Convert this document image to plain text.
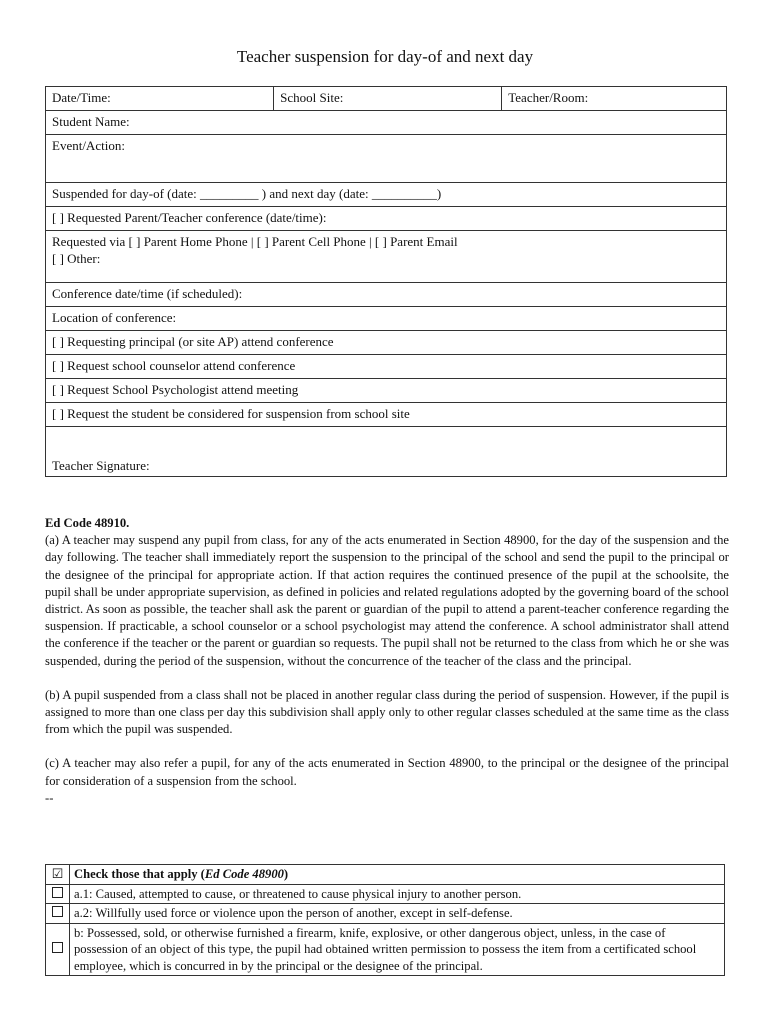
Teacher suspension for day-of and next day
Date/Time:	School Site:	Teacher/Room:
Student Name:
Event/Action:
Suspended for day-of (date: _________ ) and next day (date: __________)
[ ] Requested Parent/Teacher conference (date/time):

Requested via [ ] Parent Home Phone | [ ] Parent Cell Phone | [ ] Parent Email
[ ] Other:

Conference date/time (if scheduled):
Location of conference:
[ ] Requesting principal (or site AP) attend conference
[ ] Request school counselor attend conference
[ ] Request School Psychologist attend meeting
[ ] Request the student be considered for suspension from school site
Teacher Signature:

Ed Code 48910.

(a) A teacher may suspend any pupil from class, for any of the acts enumerated in Section 48900, for the day of the suspension and the day following. The teacher shall immediately report the suspension to the principal of the school and send the pupil to the principal or the designee of the principal for appropriate action. If that action requires the continued presence of the pupil at the schoolsite, the pupil shall be under appropriate supervision, as defined in policies and related regulations adopted by the governing board of the school district. As soon as possible, the teacher shall ask the parent or guardian of the pupil to attend a parent-teacher conference regarding the suspension. If practicable, a school counselor or a school psychologist may attend the conference. A school administrator shall attend the conference if the teacher or the parent or guardian so requests. The pupil shall not be returned to the class from which he or she was suspended, during the period of the suspension, without the concurrence of the teacher of the class and the principal.

(b) A pupil suspended from a class shall not be placed in another regular class during the period of suspension. However, if the pupil is assigned to more than one class per day this subdivision shall apply only to other regular classes scheduled at the same time as the class from which the pupil was suspended.

(c) A teacher may also refer a pupil, for any of the acts enumerated in Section 48900, to the principal or the designee of the principal for consideration of a suspension from the school.

--

☑	Check those that apply (Ed Code 48900)
	a.1: Caused, attempted to cause, or threatened to cause physical injury to another person.
	a.2: Willfully used force or violence upon the person of another, except in self-defense.
	b: Possessed, sold, or otherwise furnished a firearm, knife, explosive, or other dangerous object, unless, in the case of possession of an object of this type, the pupil had obtained written permission to possess the item from a certificated school employee, which is concurred in by the principal or the designee of the principal.
